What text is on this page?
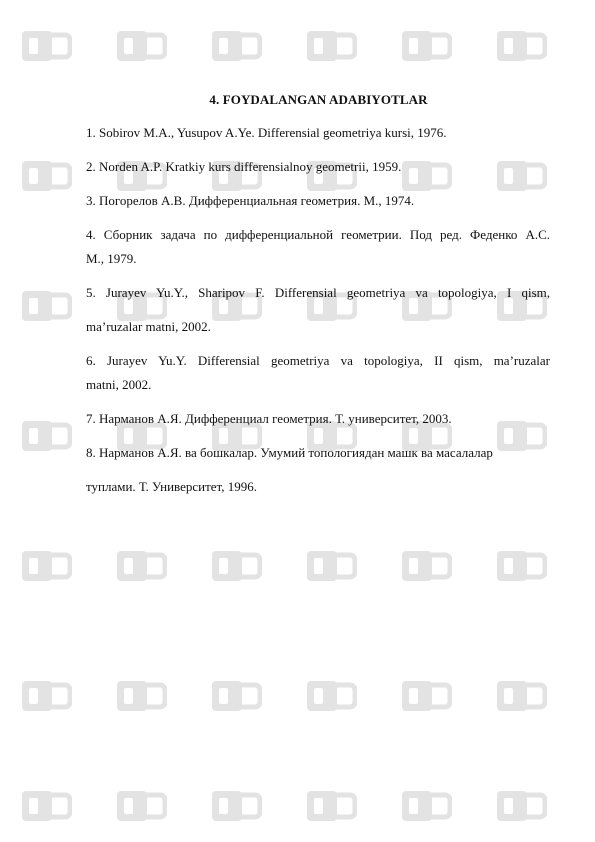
4. FOYDALANGAN ADABIYOTLAR
1. Sobirov M.A., Yusupov A.Ye. Differensial geometriya kursi, 1976.
2. Norden A.P. Kratkiy kurs differensialnoy geometrii, 1959.
3. Погорелов А.В. Дифференциальная геометрия. М., 1974.
4. Сборник задача по дифференциальной геометрии. Под ред. Феденко А.С.
М., 1979.
5. Jurayev Yu.Y., Sharipov F. Differensial geometriya va topologiya, I qism,
ma’ruzalar matni, 2002.
6. Jurayev Yu.Y. Differensial geometriya va topologiya, II qism, ma’ruzalar
matni, 2002.
7. Нарманов А.Я. Дифференциал геометрия. Т. университет, 2003.
8. Нарманов А.Я. ва бошкалар. Умумий топологиядан машк ва масалалар
туплами. Т. Университет, 1996.
